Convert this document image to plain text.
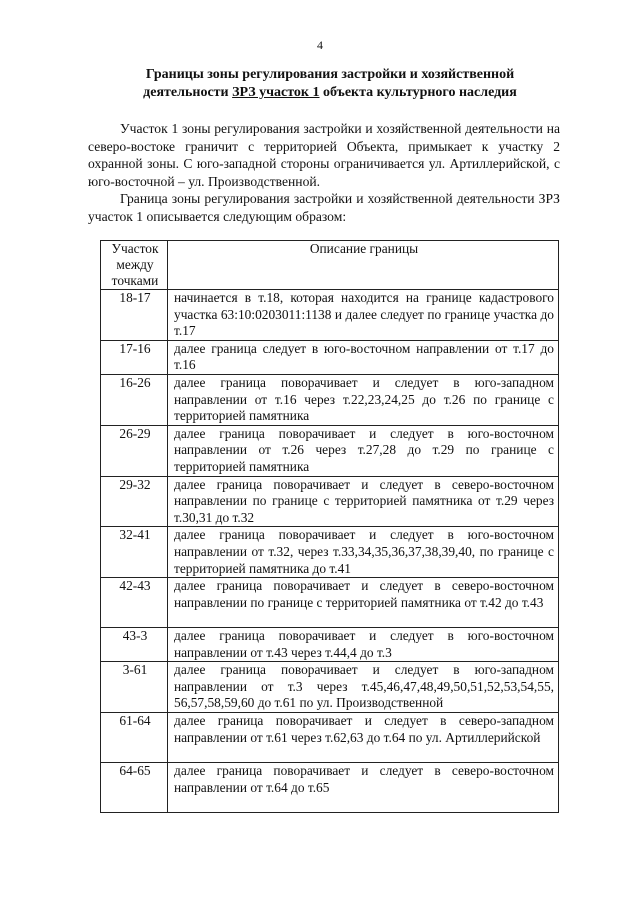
4
Границы зоны регулирования застройки и хозяйственной
деятельности ЗРЗ участок 1 объекта культурного наследия
Участок 1 зоны регулирования застройки и хозяйственной деятельности на северо-востоке граничит с территорией Объекта, примыкает к участку 2 охранной зоны. С юго-западной стороны ограничивается ул. Артиллерийской, с юго-восточной – ул. Производственной.
Граница зоны регулирования застройки и хозяйственной деятельности ЗРЗ участок 1 описывается следующим образом:
Участок между точками	Описание границы
18-17	начинается в т.18, которая находится на границе кадастрового участка 63:10:0203011:1138 и далее следует по границе участка до т.17
17-16	далее граница следует в юго-восточном направлении от т.17 до т.16
16-26	далее граница поворачивает и следует в юго-западном направлении от т.16 через т.22,23,24,25 до т.26 по границе с территорией памятника
26-29	далее граница поворачивает и следует в юго-восточном направлении от т.26 через т.27,28 до т.29 по границе с территорией памятника
29-32	далее граница поворачивает и следует в северо-восточном направлении по границе с территорией памятника от т.29 через т.30,31 до т.32
32-41	далее граница поворачивает и следует в юго-восточном направлении от т.32, через т.33,34,35,36,37,38,39,40, по границе с территорией памятника до т.41
42-43	далее граница поворачивает и следует в северо-восточном направлении по границе с территорией памятника от т.42 до т.43
43-3	далее граница поворачивает и следует в юго-восточном направлении от т.43 через т.44,4 до т.3
3-61	далее граница поворачивает и следует в юго-западном направлении от т.3 через т.45,46,47,48,49,50,51,52,53,54,55, 56,57,58,59,60 до т.61 по ул. Производственной
61-64	далее граница поворачивает и следует в северо-западном направлении от т.61 через т.62,63 до т.64 по ул. Артиллерийской
64-65	далее граница поворачивает и следует в северо-восточном направлении от т.64 до т.65
